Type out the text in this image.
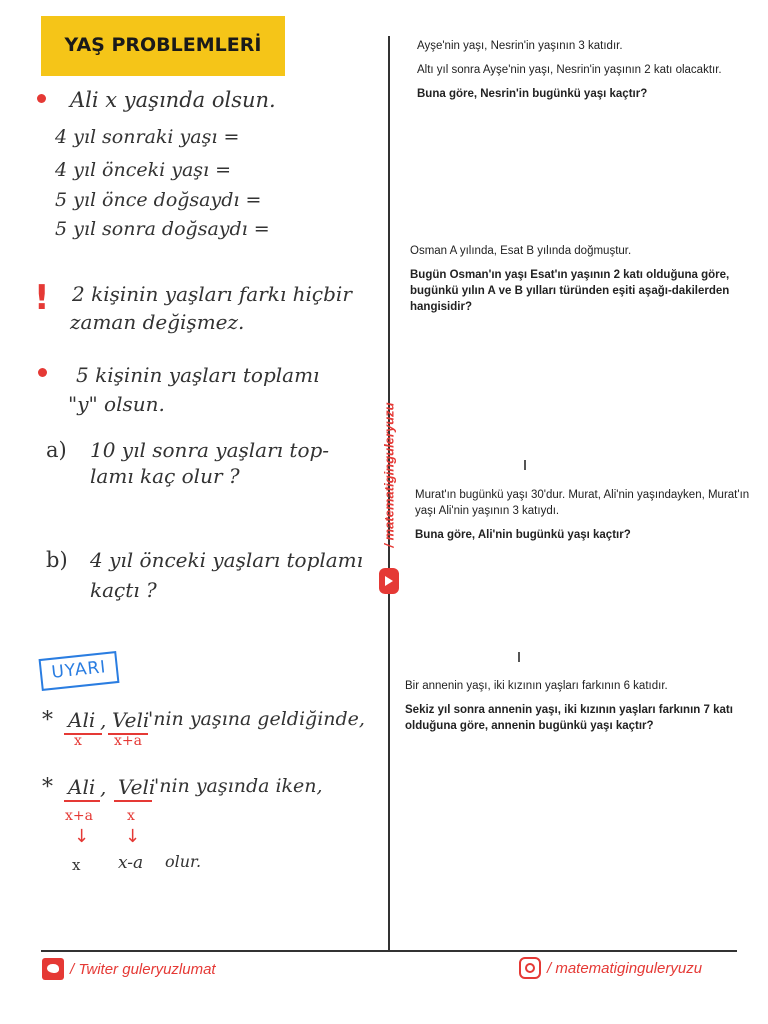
YAŞ PROBLEMLERİ
Ali x yaşında olsun.
4 yıl sonraki yaşı =
4 yıl önceki yaşı =
5 yıl önce doğsaydı =
5 yıl sonra doğsaydı =
! 2 kişinin yaşları farkı hiçbir
zaman değişmez.
5 kişinin yaşları toplamı
"y" olsun.
a) 10 yıl sonra yaşları top-
lamı kaç olur ?
b) 4 yıl önceki yaşları toplamı
kaçtı ?
UYARI
* Ali , Veli
'nin yaşına geldiğinde,
x x+a
* Ali , Veli
'nin yaşında iken,
x+a x
↓ ↓
x x-a olur.
/ matematiginguleryuzu
Ayşe'nin yaşı, Nesrin'in yaşının 3 katıdır.
Altı yıl sonra Ayşe'nin yaşı, Nesrin'in yaşının 2 katı olacaktır.
Buna göre, Nesrin'in bugünkü yaşı kaçtır?
Osman A yılında, Esat B yılında doğmuştur.
Bugün Osman'ın yaşı Esat'ın yaşının 2 katı olduğuna göre, bugünkü yılın A ve B yılları türünden eşiti aşağı-dakilerden hangisidir?
Murat'ın bugünkü yaşı 30'dur. Murat, Ali'nin yaşındayken, Murat'ın yaşı Ali'nin yaşının 3 katıydı.
Buna göre, Ali'nin bugünkü yaşı kaçtır?
Bir annenin yaşı, iki kızının yaşları farkının 6 katıdır.
Sekiz yıl sonra annenin yaşı, iki kızının yaşları farkının 7 katı olduğuna göre, annenin bugünkü yaşı kaçtır?
/ Twiter guleryuzlumat	/ matematiginguleryuzu
